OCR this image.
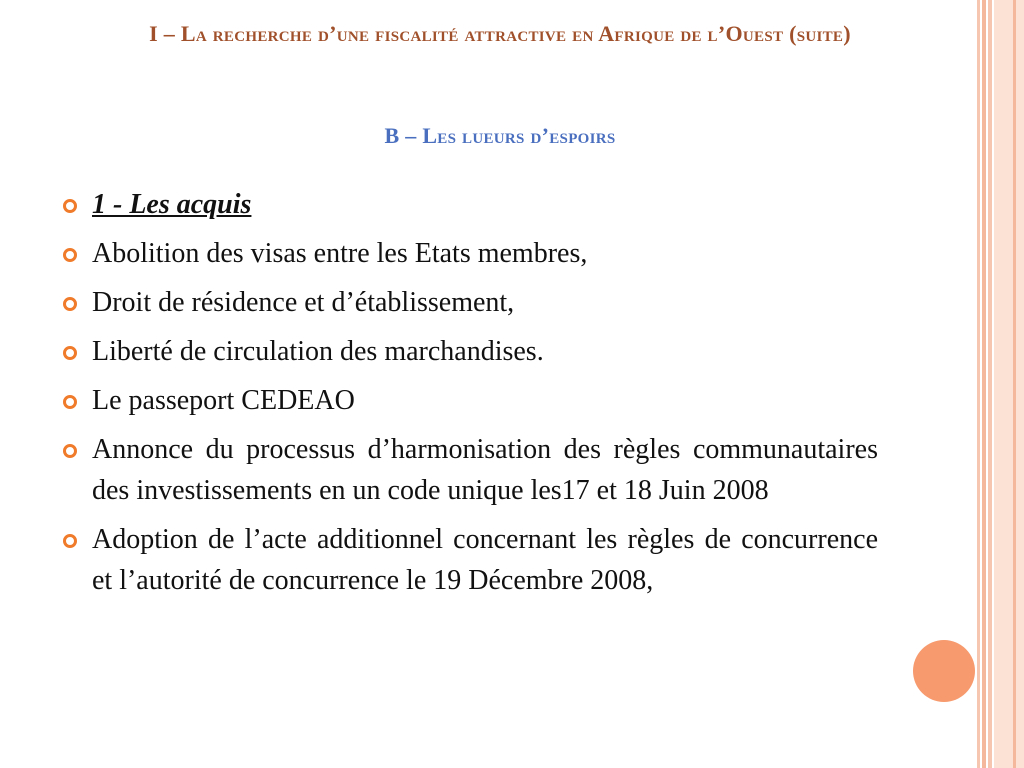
I – La recherche d’une fiscalité attractive en Afrique de l’Ouest (suite)
B – Les lueurs d’espoirs
1 - Les acquis
Abolition des visas entre les Etats membres,
Droit de résidence et d’établissement,
Liberté de circulation des marchandises.
Le passeport CEDEAO
Annonce du processus d’harmonisation des règles communautaires des investissements en un code unique les17 et 18 Juin 2008
Adoption de l’acte additionnel concernant les règles de concurrence et l’autorité de concurrence le 19 Décembre 2008,
